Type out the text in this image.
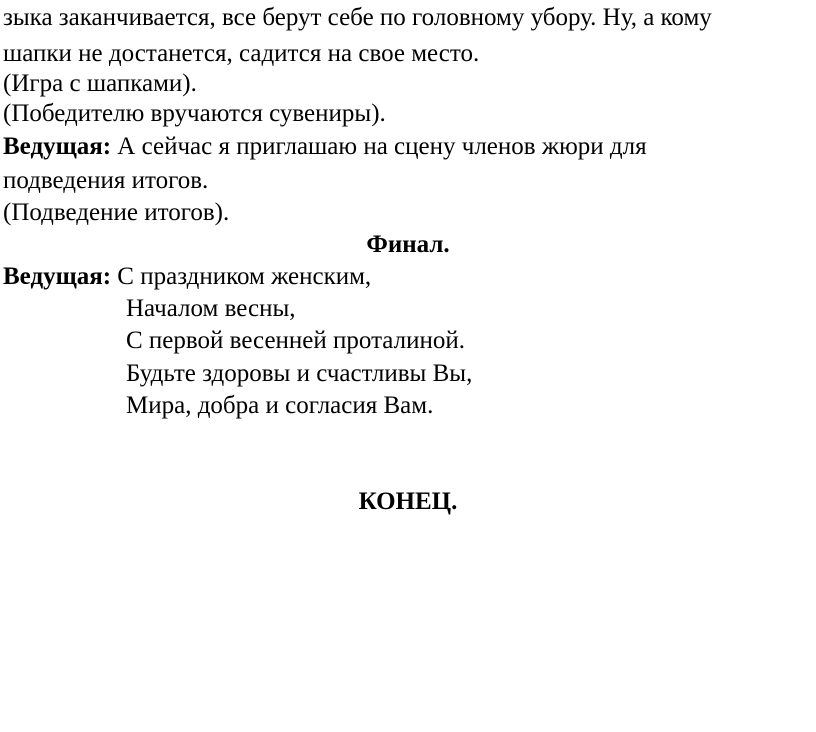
зыка заканчивается, все берут себе по головному убору. Ну, а кому
шапки не достанется, садится на свое место.
(Игра с шапками).
(Победителю вручаются сувениры).
Ведущая: А сейчас я приглашаю на сцену членов жюри для
подведения итогов.
(Подведение итогов).
Финал.
Ведущая: С праздником женским,
Началом весны,
С первой весенней проталиной.
Будьте здоровы и счастливы Вы,
Мира, добра и согласия Вам.
КОНЕЦ.
